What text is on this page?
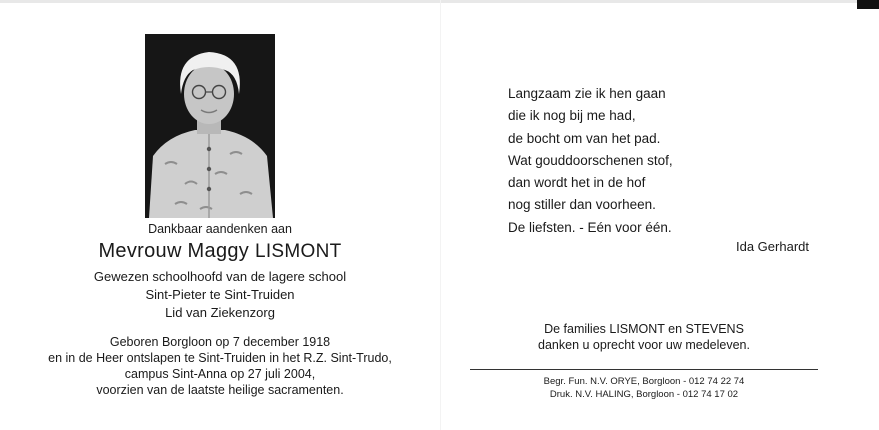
Dankbaar aandenken aan
Mevrouw Maggy LISMONT
Gewezen schoolhoofd van de lagere school
Sint-Pieter te Sint-Truiden
Lid van Ziekenzorg
Geboren Borgloon op 7 december 1918
en in de Heer ontslapen te Sint-Truiden in het R.Z. Sint-Trudo,
campus Sint-Anna op 27 juli 2004,
voorzien van de laatste heilige sacramenten.
Langzaam zie ik hen gaan
die ik nog bij me had,
de bocht om van het pad.
Wat gouddoorschenen stof,
dan wordt het in de hof
nog stiller dan voorheen.
De liefsten. - Eén voor één.
Ida Gerhardt
De families LISMONT en STEVENS
danken u oprecht voor uw medeleven.
Begr. Fun. N.V. ORYE, Borgloon - 012 74 22 74
Druk. N.V. HALING, Borgloon - 012 74 17 02
